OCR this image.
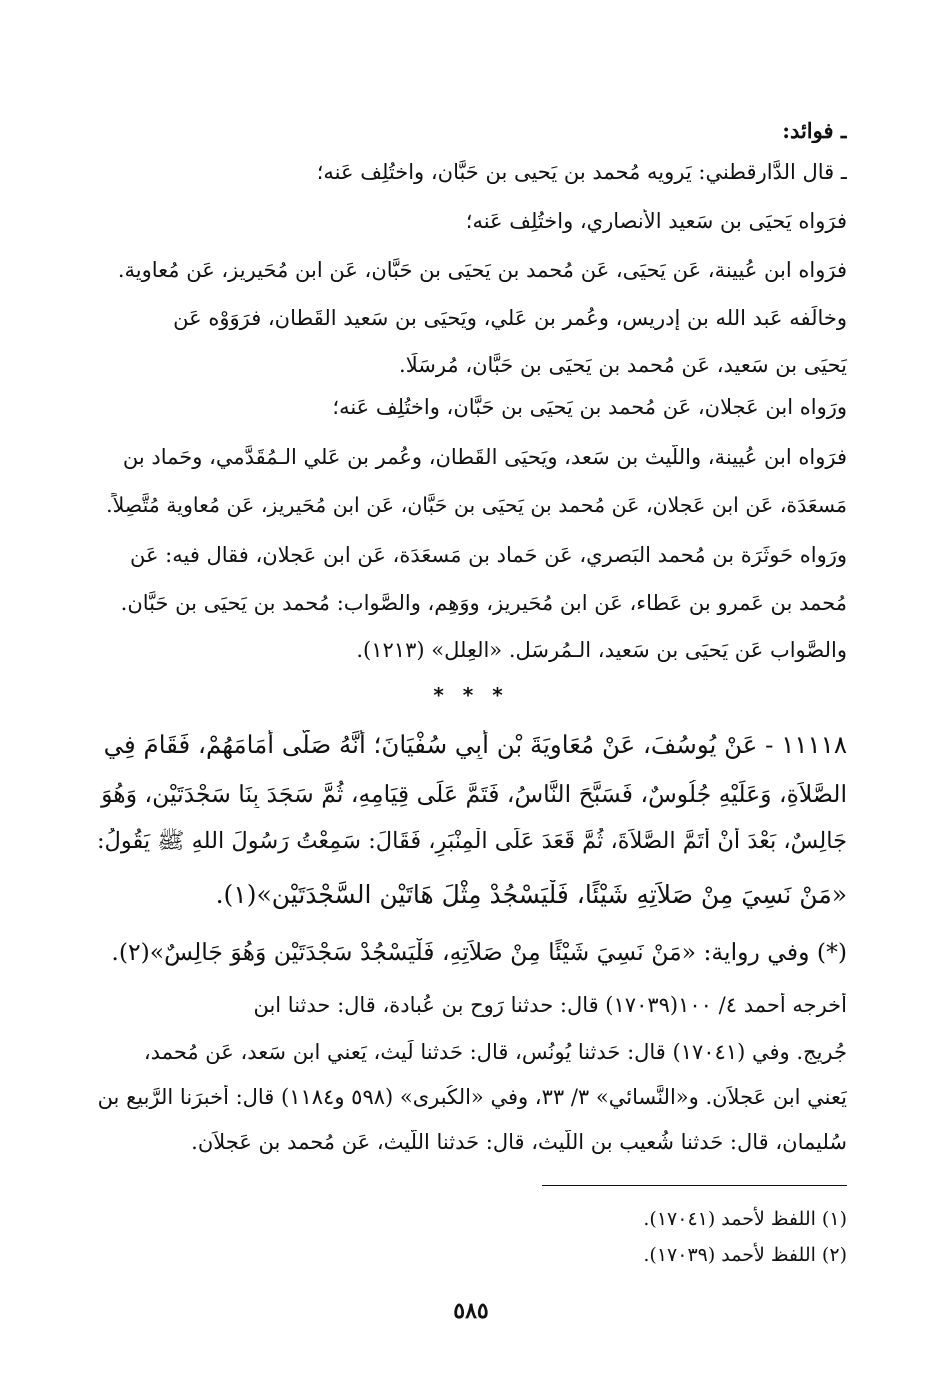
ـ فوائد:
ـ قال الدَّارقطني: يَرويه مُحمد بن يَحيى بن حَبَّان، واختُلِف عَنه؛
فرَواه يَحيَى بن سَعيد الأَنصاري، واختُلِف عَنه؛
فرَواه ابن عُيينة، عَن يَحيَى، عَن مُحمد بن يَحيَى بن حَبَّان، عَن ابن مُحَيريز، عَن مُعاوية.
وخالَفه عَبد الله بن إِدريس، وعُمر بن عَلي، ويَحيَى بن سَعيد القَطان، فرَوَوْه عَن
يَحيَى بن سَعيد، عَن مُحمد بن يَحيَى بن حَبَّان، مُرسَلًا.
ورَواه ابن عَجلان، عَن مُحمد بن يَحيَى بن حَبَّان، واختُلِف عَنه؛
فرَواه ابن عُيينة، واللَّيث بن سَعد، ويَحيَى القَطان، وعُمر بن عَلي الـمُقَدَّمي، وحَماد بن
مَسعَدَة، عَن ابن عَجلان، عَن مُحمد بن يَحيَى بن حَبَّان، عَن ابن مُحَيريز، عَن مُعاوية مُتَّصِلاً.
ورَواه حَوثَرَة بن مُحمد البَصري، عَن حَماد بن مَسعَدَة، عَن ابن عَجلان، فقال فيه: عَن
مُحمد بن عَمرو بن عَطاء، عَن ابن مُحَيريز، ووَهِم، والصَّواب: مُحمد بن يَحيَى بن حَبَّان.
والصَّواب عَن يَحيَى بن سَعيد، الـمُرسَل. «العِلل» (١٢١٣).
* * *
١١١١٨ - عَنْ يُوسُفَ، عَنْ مُعَاوِيَةَ بْنِ أَبِي سُفْيَانَ؛ أَنَّهُ صَلَّى أَمَامَهُمْ، فَقَامَ فِي
الصَّلاَةِ، وَعَلَيْهِ جُلُوسٌ، فَسَبَّحَ النَّاسُ، فَتَمَّ عَلَى قِيَامِهِ، ثُمَّ سَجَدَ بِنَا سَجْدَتَيْنِ، وَهُوَ
جَالِسٌ، بَعْدَ أَنْ أَتَمَّ الصَّلاَةَ، ثُمَّ قَعَدَ عَلَى الْمِنْبَرِ، فَقَالَ: سَمِعْتُ رَسُولَ اللهِ ﷺ يَقُولُ:
«مَنْ نَسِيَ مِنْ صَلاَتِهِ شَيْئًا، فَلْيَسْجُدْ مِثْلَ هَاتَيْنِ السَّجْدَتَيْنِ»(١).
(*) وفي رواية: «مَنْ نَسِيَ شَيْئًا مِنْ صَلاَتِهِ، فَلْيَسْجُدْ سَجْدَتَيْنِ وَهُوَ جَالِسٌ»(٢).
أخرجه أحمد ٤/ ١٠٠(١٧٠٣٩) قال: حدثنا رَوح بن عُبادة، قال: حدثنا ابن
جُريج. وفي (١٧٠٤١) قال: حَدثنا يُونُس، قال: حَدثنا لَيث، يَعني ابن سَعد، عَن مُحمد،
يَعني ابن عَجلاَن. و«النَّسائي» ٣/ ٣٣، وفي «الكُبرى» (٥٩٨ و١١٨٤) قال: أَخبرَنا الرَّبيع بن
سُليمان، قال: حَدثنا شُعيب بن اللَّيث، قال: حَدثنا اللَّيث، عَن مُحمد بن عَجلاَن.
(١) اللفظ لأحمد (١٧٠٤١).
(٢) اللفظ لأحمد (١٧٠٣٩).
٥٨٥
